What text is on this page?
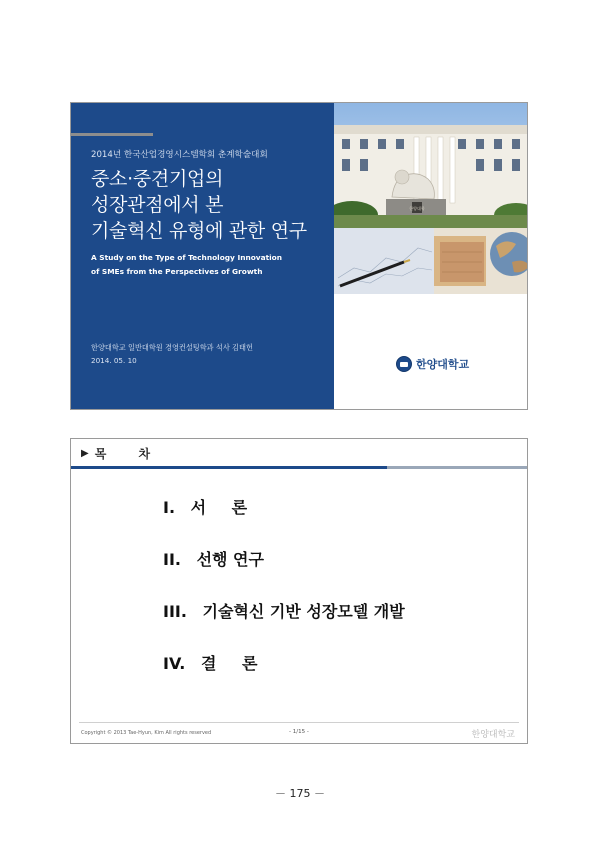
2014년 한국산업경영시스템학회 춘계학술대회
중소·중견기업의
성장관점에서 본
기술혁신 유형에 관한 연구
A Study on the Type of Technology Innovation
of SMEs from the Perspectives of Growth
한양대학교 일반대학원 경영컨설팅학과 석사 김태헌
2014. 05. 10
한양대학
한양대학교
▶ 목 차
I. 서 론
II. 선행 연구
III. 기술혁신 기반 성장모델 개발
IV. 결 론
Copyright © 2013 Tae-Hyun, Kim All rights reserved	- 1/15 -	한양대학교
－ 175 －
